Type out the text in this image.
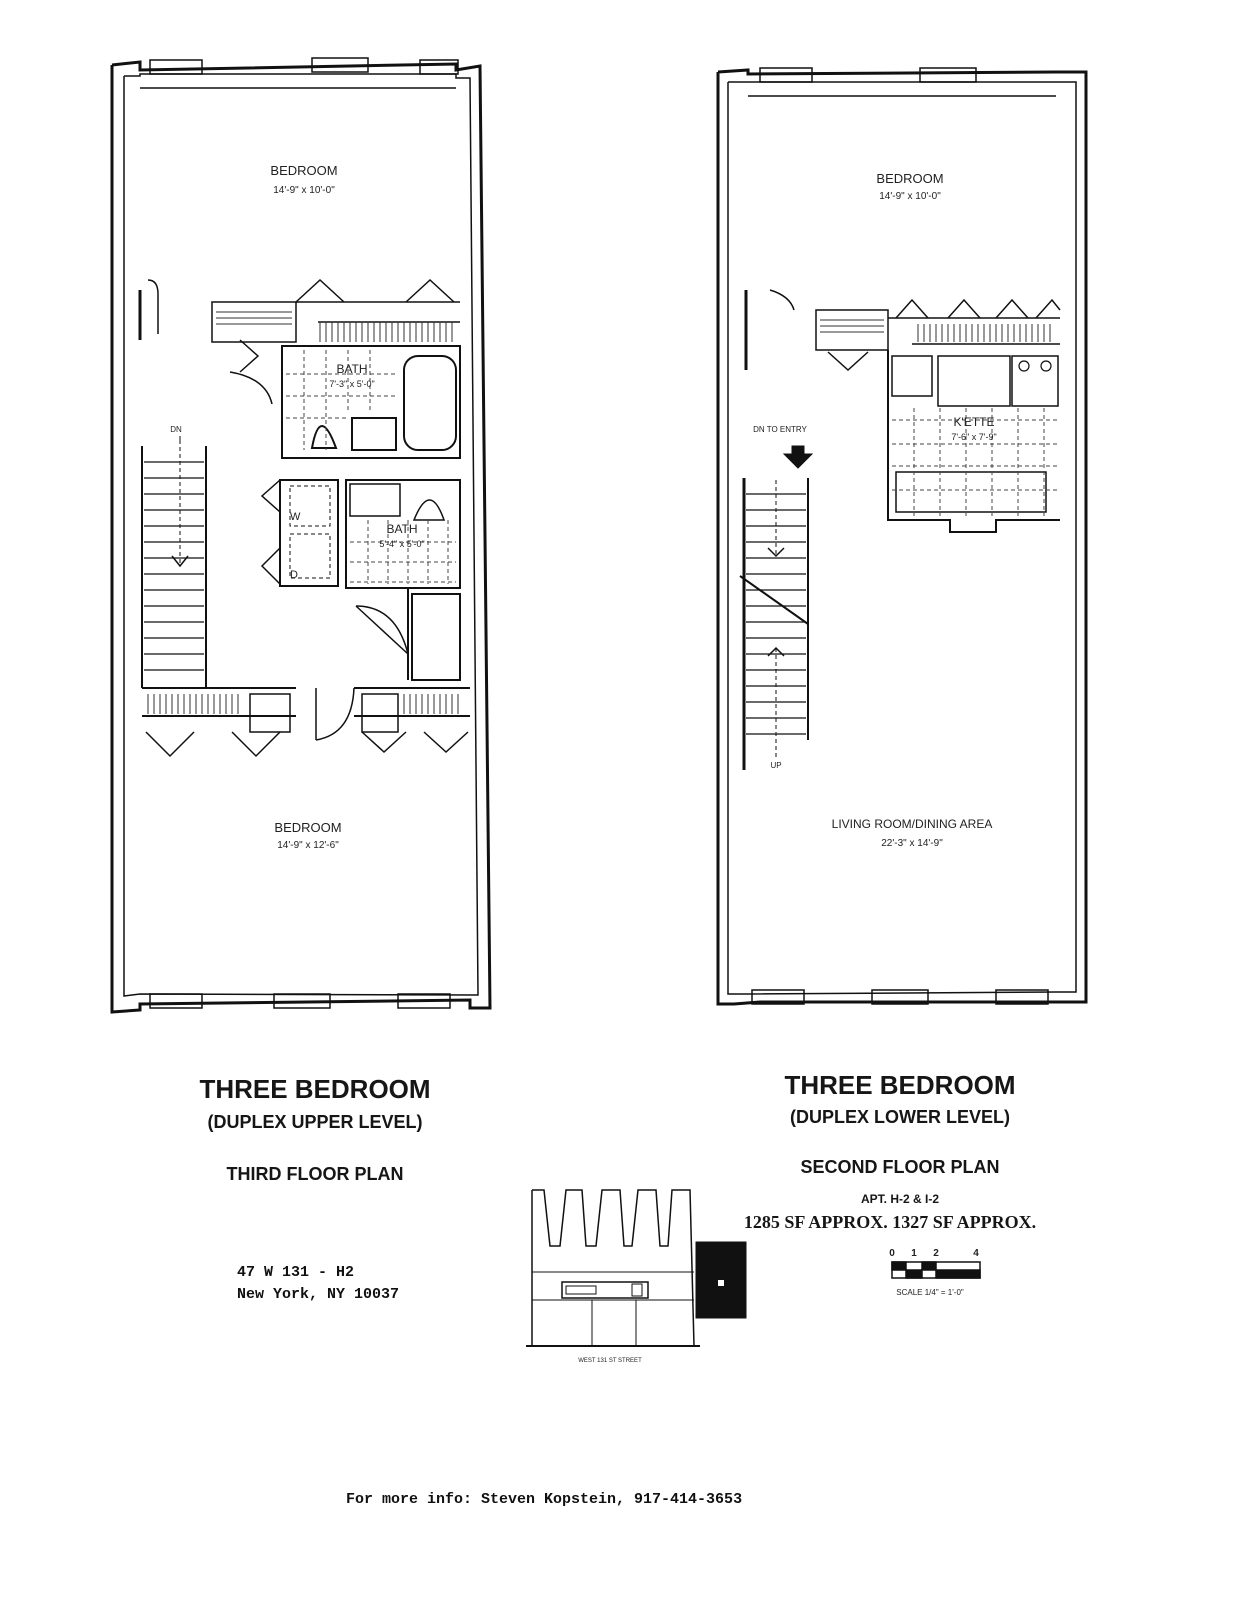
BEDROOM
14'-9" x 10'-0"
BATH
7'-3" x 5'-0"
BATH
5'-4" x 5'-0"
W
D
DN
BEDROOM
14'-9" x 12'-6"
BEDROOM
14'-9" x 10'-0"
K'ETTE
7'-6" x 7'-9"
DN TO ENTRY
UP
LIVING ROOM/DINING AREA
22'-3" x 14'-9"
WEST 131 ST STREET
0 1 2	4
SCALE 1/4" = 1'-0"
THREE BEDROOM
(DUPLEX UPPER LEVEL)
THIRD FLOOR PLAN
THREE BEDROOM
(DUPLEX LOWER LEVEL)
SECOND FLOOR PLAN
APT. H-2 & I-2
1285 SF APPROX. 1327 SF APPROX.
47 W 131 - H2
New York, NY 10037
For more info: Steven Kopstein, 917-414-3653
